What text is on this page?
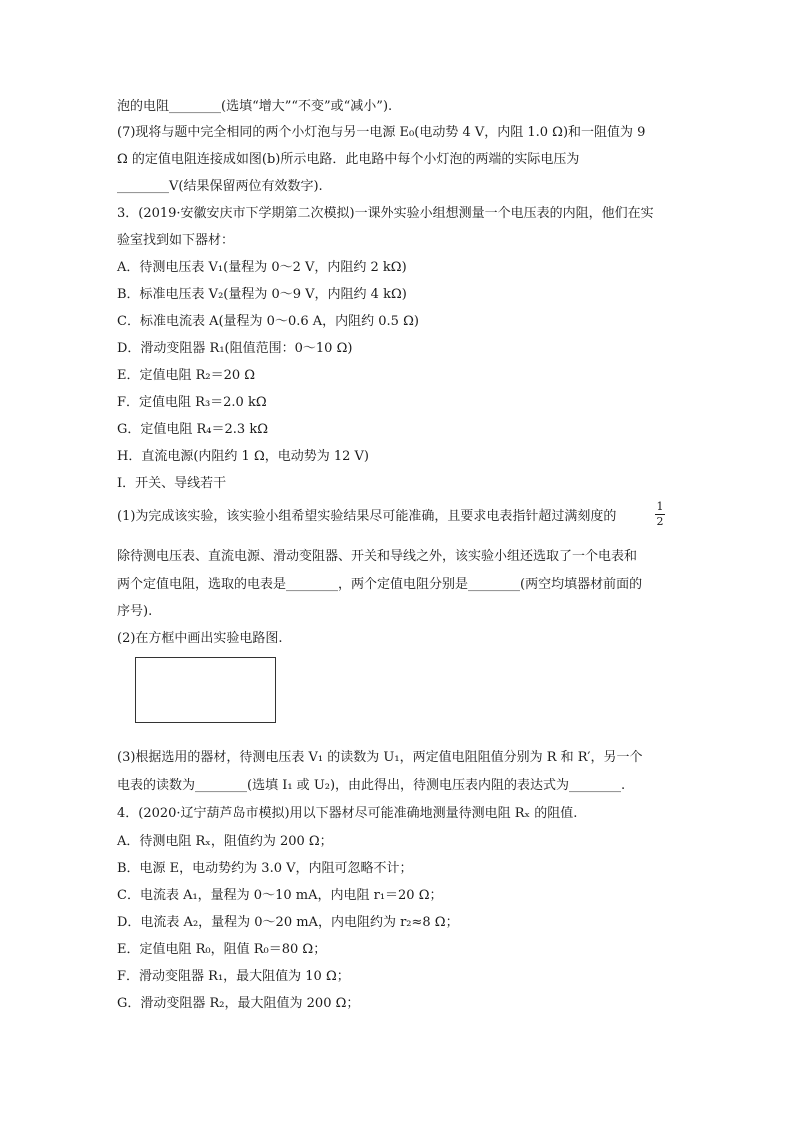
泡的电阻________(选填“增大”“不变”或“减小”).
(7)现将与题中完全相同的两个小灯泡与另一电源 E₀(电动势 4 V，内阻 1.0 Ω)和一阻值为 9
Ω 的定值电阻连接成如图(b)所示电路．此电路中每个小灯泡的两端的实际电压为
________V(结果保留两位有效数字).
3．(2019·安徽安庆市下学期第二次模拟)一课外实验小组想测量一个电压表的内阻，他们在实
验室找到如下器材：
A．待测电压表 V₁(量程为 0～2 V，内阻约 2 kΩ)
B．标准电压表 V₂(量程为 0～9 V，内阻约 4 kΩ)
C．标准电流表 A(量程为 0～0.6 A，内阻约 0.5 Ω)
D．滑动变阻器 R₁(阻值范围：0～10 Ω)
E．定值电阻 R₂＝20 Ω
F．定值电阻 R₃＝2.0 kΩ
G．定值电阻 R₄＝2.3 kΩ
H．直流电源(内阻约 1 Ω，电动势为 12 V)
I．开关、导线若干
(1)为完成该实验，该实验小组希望实验结果尽可能准确，且要求电表指针超过满刻度的
1
2
除待测电压表、直流电源、滑动变阻器、开关和导线之外，该实验小组还选取了一个电表和
两个定值电阻，选取的电表是________，两个定值电阻分别是________(两空均填器材前面的
序号).
(2)在方框中画出实验电路图.
(3)根据选用的器材，待测电压表 V₁ 的读数为 U₁，两定值电阻阻值分别为 R 和 R′，另一个
电表的读数为________(选填 I₁ 或 U₂)，由此得出，待测电压表内阻的表达式为________.
4．(2020·辽宁葫芦岛市模拟)用以下器材尽可能准确地测量待测电阻 Rₓ 的阻值.
A．待测电阻 Rₓ，阻值约为 200 Ω；
B．电源 E，电动势约为 3.0 V，内阻可忽略不计；
C．电流表 A₁，量程为 0～10 mA，内电阻 r₁＝20 Ω；
D．电流表 A₂，量程为 0～20 mA，内电阻约为 r₂≈8 Ω；
E．定值电阻 R₀，阻值 R₀＝80 Ω；
F．滑动变阻器 R₁，最大阻值为 10 Ω；
G．滑动变阻器 R₂，最大阻值为 200 Ω；
